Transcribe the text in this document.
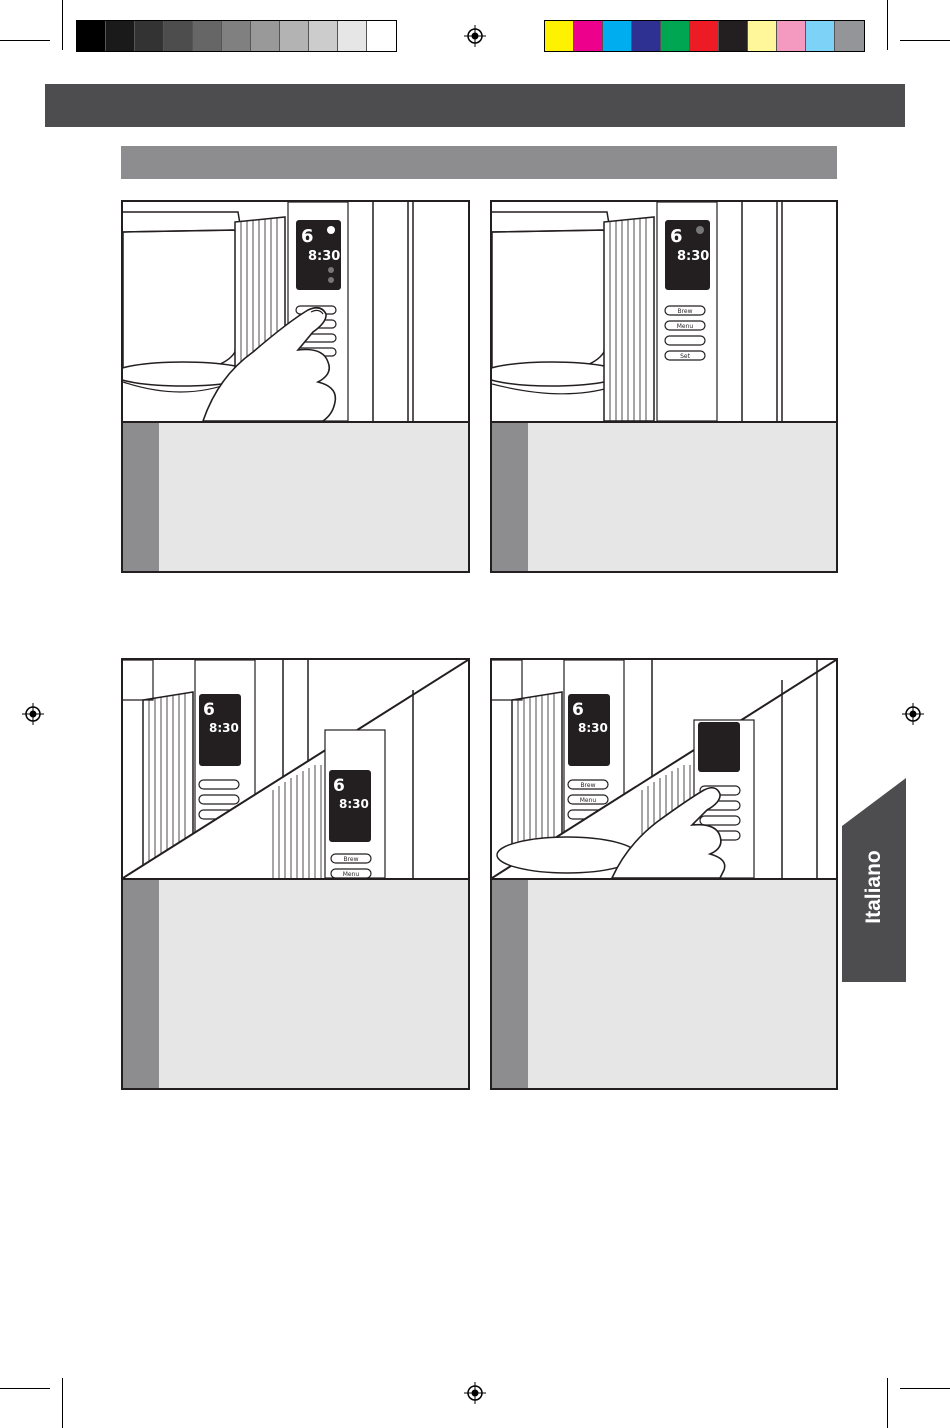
6
8:30
6
8:30
Brew
Menu
Set
6
8:30
6
8:30
Brew
Menu
6
8:30
Brew
Menu
Italiano
